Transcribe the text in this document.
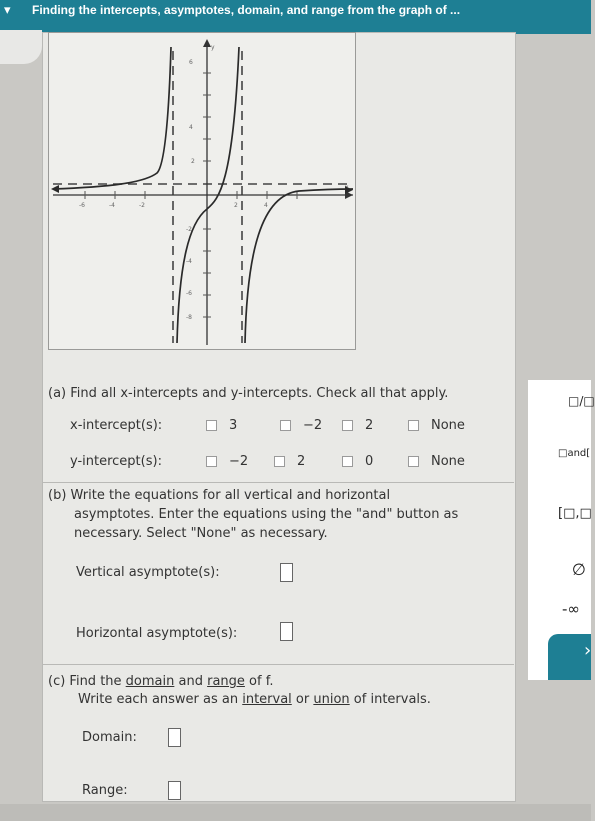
▾	Finding the intercepts, asymptotes, domain, and range from the graph of ...
y
6
4
2
-2
-4
-6
-8
2	4
-2
-4
-6
(a) Find all x-intercepts and y-intercepts. Check all that apply.
x-intercept(s):	3	−2	2	None
y-intercept(s):	−2	2	0	None
(b) Write the equations for all vertical and horizontal
asymptotes. Enter the equations using the "and" button as
necessary. Select "None" as necessary.
Vertical asymptote(s):
Horizontal asymptote(s):
(c) Find the domain and range of f.
Write each answer as an interval or union of intervals.
Domain:
Range:
□/□
□and[
[□,□
∅
-∞
›
